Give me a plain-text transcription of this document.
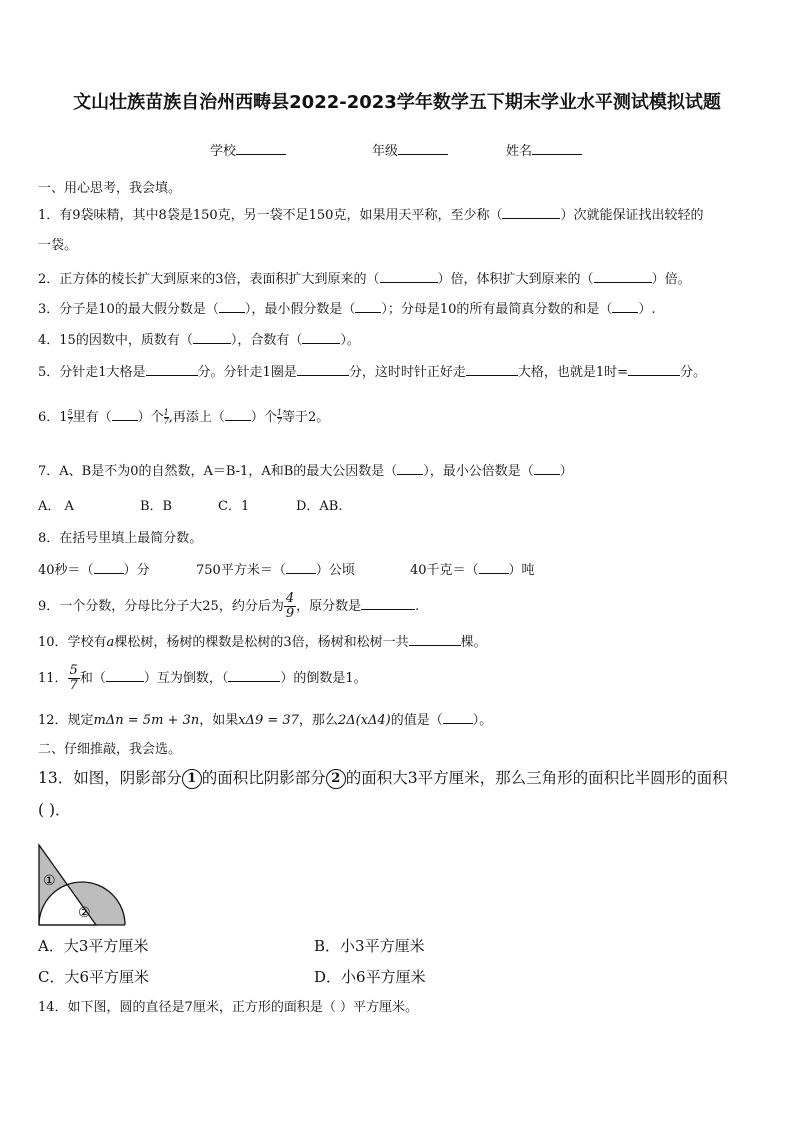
文山壮族苗族自治州西畴县2022-2023学年数学五下期末学业水平测试模拟试题
学校	年级	姓名
一、用心思考，我会填。
1．有9袋味精，其中8袋是150克，另一袋不足150克，如果用天平称，至少称（	）次就能保证找出较轻的
一袋。
2．正方体的棱长扩大到原来的3倍，表面积扩大到原来的（	）倍，体积扩大到原来的（	）倍。
3．分子是10的最大假分数是（ ），最小假分数是（ ）；分母是10的所有最简真分数的和是（ ）.
4．15的因数中，质数有（	），合数有（	）。
5．分针走1大格是	分。分针走1圈是	分，这时时针正好走	大格，也就是1时=	分。
6．$1 \frac{5}{7}$ 里有（ ）个 $\frac{1}{7}$ ,再添上（ ）个 $\frac{1}{7}$ 等于2。
7．A、B是不为0的自然数，A＝B-1，A和B的最大公因数是（ ），最小公倍数是（ ）
A． A	B．B	C．1	D．AB.
8．在括号里填上最简分数。
40秒＝（ ）分	750平方米＝（ ）公顷	40千克＝（ ）吨
9．一个分数，分母比分子大25，约分后为 $\frac{4}{9}$ ，原分数是	.
10．学校有a棵松树，杨树的棵数是松树的3倍，杨树和松树一共	棵。
11． $\frac{5}{7}$ 和（	）互为倒数，（	）的倒数是1。
12．规定mΔn = 5m + 3n，如果xΔ9 = 37，那么2Δ(xΔ4)的值是（ ）。
二、仔细推敲，我会选。
13．如图，阴影部分 1 的面积比阴影部分 2 的面积大3平方厘米，那么三角形的面积比半圆形的面积
( )．
①
②
A．大3平方厘米	B．小3平方厘米
C．大6平方厘米	D．小6平方厘米
14．如下图，圆的直径是7厘米，正方形的面积是（ ）平方厘米。
